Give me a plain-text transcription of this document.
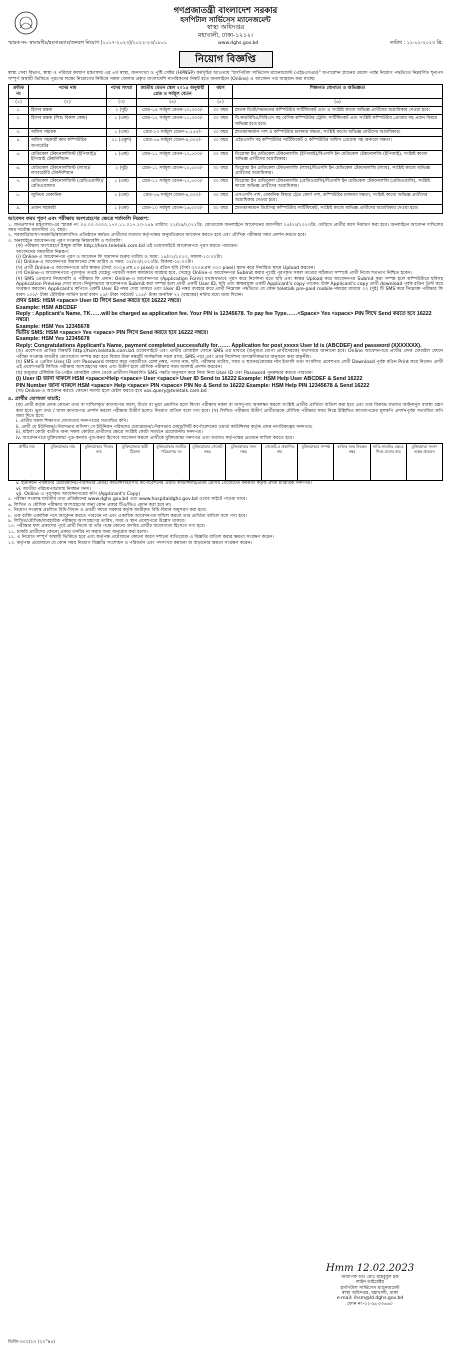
গণপ্রজাতন্ত্রী বাংলাদেশ সরকার
হসপিটাল সার্ভিসেস ম্যানেজমেন্ট
স্বাস্থ্য অধিদপ্তর
মহাখালী, ঢাকা-১২১২।
www.dghs.gov.bd
স্মারক নং- স্বাঃঅধিঃ/হঃসাঃম্যাঃ/জনবল নিয়োগ (২০১৭-২০২৩)/২০২২-২৩/১৮০১	তারিখ : ১২-০২-২০২৩ খ্রি.
নিয়োগ বিজ্ঞপ্তি
স্বাস্থ্য সেবা বিভাগ, স্বাস্থ্য ও পরিবার কল্যাণ মন্ত্রণালয় এর ৪র্থ স্বাস্থ্য, জনসংখ্যা ও পুষ্টি সেক্টর (HPNSP) কর্মসূচির আওতায় "হসপিটাল সার্ভিসেস ম্যানেজমেন্ট (এইচএসএম)" অপারেশন প্ল্যানের মেয়াদ পর্যন্ত নিয়োগ পদ্ধতিতে নিম্নবর্ণিত শূন্যপদ সম্পূর্ণ অস্থায়ী ভিত্তিতে পূরণের লক্ষ্যে নিয়োগের নিমিত্তে সকল জেলার প্রকৃত বাংলাদেশি নাগরিকদের নিকট হতে অনলাইনে (Online) এ আবেদন পত্র আহবান করা যাচ্ছে:
ক্রমিক নং	পদের নাম	পদের সংখ্যা	জাতীয় বেতন স্কেল ২০১৫ অনুযায়ী গ্রেড ও সর্বমূল বেতন	বয়স	শিক্ষাগত যোগ্যতা ও অভিজ্ঞতা
(১)	(২)	(৩)	(৪)	(৫)	(৬)
১.	হিসাব রক্ষক	২ (দুই)	গ্রেড-১৪ সর্বমূল বেতন-১০,৩০০/-	৩০ বছর	স্নাতক ডিগ্রী/সমমানের কম্পিউটার সার্টিফিকেট এবং এ সংশ্লিষ্ট কাজে অভিজ্ঞ প্রার্থীদের অগ্রাধিকার দেওয়া হবে।
২.	হিসাব রক্ষক (শিশু বিকাশ কেন্দ্র)	১ (এক)	গ্রেড-১২ সর্বমূল বেতন-১১,৩০০/-	৩০ বছর	বি.কম/বিবিএ/বিবিএস সহ বেসিক কম্পিউটার ট্রেনিং সার্টিফিকেট এবং সংশ্লিষ্ট কম্পিউটার প্রোগ্রাম সহ প্রধান বিষয়ে অভিজ্ঞ হতে হবে।
৩.	অফিস সহায়ক	১ (এক)	গ্রেড-২০ সর্বমূল বেতন-৮,২৫০/-	৩০ বছর	স্নাতক/সমমান পাশ ও কম্পিউটার চালনায় দক্ষতা, সংশ্লিষ্ট কাজে অভিজ্ঞ প্রার্থীদের অগ্রাধিকার।
৪.	অফিস সহকারী কাম কম্পিউটার অপারেটর	২১ (একুশ)	গ্রেড-১৬ সর্বমূল বেতন-৯,৩০০/-	৩০ বছর	এইচএসসি সহ কম্পিউটার সার্টিফিকেট ও কম্পিউটার অফিস প্রোগ্রাম সহ অনারো দক্ষতা।
৫.	মেডিকেল টেকনোলজিস্ট (ইপিআই)/ইপিআই টেকনিশিয়ান	১ (এক)	গ্রেড-১১ সর্বমূল বেতন-১২,৫০০/-	৩০ বছর	ডিপ্লোমা ইন মেডিকেল টেকনোলজি (ইপিআই)/বিএসসি ইন মেডিকেল টেকনোলজি (ইপিআই), সংশ্লিষ্ট কাজে অভিজ্ঞ প্রার্থীদের অগ্রাধিকার।
৬.	মেডিকেল টেকনোলজিস্ট (ল্যাব)/ল্যাবরেটরি টেকনিশিয়ান	২ (দুই)	গ্রেড-১১ সর্বমূল বেতন-১২,৫০০/-	৩০ বছর	ডিপ্লোমা ইন মেডিকেল টেকনোলজি (ল্যাব)/বিএসসি ইন মেডিকেল টেকনোলজি (ল্যাব), সংশ্লিষ্ট কাজে অভিজ্ঞ প্রার্থীদের অগ্রাধিকার।
৭.	মেডিকেল টেকনোলজিস্ট (রেডিওগ্রাফি)/রেডিওগ্রাফার	১ (এক)	গ্রেড-১১ সর্বমূল বেতন-১২,৫০০/-	৩০ বছর	ডিপ্লোমা ইন মেডিকেল টেকনোলজি (রেডিওগ্রাফি)/বিএসসি ইন মেডিকেল টেকনোলজি (রেডিওগ্রাফি), সংশ্লিষ্ট কাজে অভিজ্ঞ প্রার্থীদের অগ্রাধিকার।
৮.	জুনিয়র মেকানিক	১ (এক)	গ্রেড-১৬ সর্বমূল বেতন-৯,৩০০/-	৩০ বছর	এসএসসি পাশ, মেকানিক বিষয়ে ট্রেড কোর্স পাশ, কম্পিউটার চালনায় দক্ষতা, সংশ্লিষ্ট কাজে অভিজ্ঞ প্রার্থীদের অগ্রাধিকার দেওয়া হবে।
৯.	প্রধান সহকারী	১ (এক)	গ্রেড-১০ সর্বমূল বেতন-১৬,০০০/-	৩০ বছর	স্নাতক/সমমান ডিগ্রীসহ কম্পিউটার সার্টিফিকেট, সংশ্লিষ্ট কাজে অভিজ্ঞ প্রার্থীদের অগ্রাধিকার দেওয়া হবে।
আবেদন ফরম পূরণ এবং পরীক্ষায় অংশগ্রহণের ক্ষেত্রে শর্তাবলি নিম্নরূপ:
১. জনপ্রশাসন মন্ত্রণালয়-এর স্মারক নং ০৫.০০.০০০০.১৭০.১১.০১৭.২০-১৪৯ তারিখ: ২২/০৯/২০২২খ্রি. মোতাবেক অনলাইনে আবেদনের বয়সসীমা ২৫/০৩/২০২৩খ্রি. তারিখে প্রার্থীর বয়স নির্ধারণ করা হবে। অনলাইনে আবেদন দাখিলের সময় সর্বোচ্চ বয়সসীমা ৩২ বছর।
২. সরকারি/আধা-সরকারি/স্বায়ত্তশাসিত প্রতিষ্ঠানে কর্মরত প্রার্থীদের যথাযথ কর্তৃপক্ষের অনুমতিক্রমে আবেদন করতে হবে এবং মৌখিক পরীক্ষার সময় প্রদর্শন করতে হবে।
৩. অনলাইনে আবেদনপত্র পূরণ সংক্রান্ত নিয়মাবলি ও শর্তাবলি:
(ক) পরীক্ষায় অংশগ্রহণে ইচ্ছুক ব্যক্তি http://hsm.teletalk.com.bd এই ওয়েবসাইটে আবেদনপত্র পূরণ করতে পারবেন।
আবেদনের সময়সীমা নিম্নরূপ:
(i) Online-এ আবেদনপত্র পূরণ ও আবেদন ফি জমাদান শুরুর তারিখ ও সময়: ১৪/০২/২০২৩, সকাল-১০:০০টা।
(ii) Online-এ আবেদনপত্র জমাদানের শেষ তারিখ ও সময়: ০৫/০৩/২০২৩খ্রি. বিকাল-০৫:০০টা।
(খ) প্রার্থী Online-এ আবেদনপত্রে তাঁর স্বাক্ষর (দৈর্ঘ্য ৩০০×প্রস্থ ৮০ pixel) ও রঙিন ছবি (দৈর্ঘ্য ৩০০×প্রস্থ ৩০০ pixel) স্ক্যান করে নির্ধারিত স্থানে Upload করবেন।
(গ) Online-এ আবেদনপত্রে পূরণকৃত তথ্যই যেহেতু পরবর্তী সকল কার্যক্রমে ব্যবহার হবে, সেহেতু Online-এ আবেদনপত্র Submit করার পূর্বেই পূরণকৃত সকল তথ্যের সঠিকতা সম্পর্কে প্রার্থী নিজে শতভাগ নিশ্চিত হবেন।
(ঘ) SMS প্রেরণের নিয়মাবলি ও পরীক্ষার ফি প্রদান: Online-এ আবেদনপত্র (Application Form) যথাযথভাবে পূরণ করে নির্দেশনা মতে ছবি এবং স্বাক্ষর Upload করে আবেদনপত্র Submit করা সম্পন্ন হলে কম্পিউটারে ছবিসহ Application Preview দেখা যাবে। নির্ভুলভাবে আবেদনপত্র Submit করা সম্পন্ন হলে প্রার্থী একটি User ID, ছবি এবং স্বাক্ষরযুক্ত একটি Applicant's copy পাবেন। উক্ত Applicant's copy প্রার্থী download পূর্বক রঙিন প্রিন্ট করে সংরক্ষণ করবেন। Applicant's কপিতে একটি User ID নম্বর দেয়া থাকবে এবং User ID নম্বর ব্যবহার করে প্রার্থী নিম্নোক্ত পদ্ধতিতে যে কোন teletalk pre-paid mobile নম্বরের মাধ্যমে ০২ (দুই) টি SMS করে নিম্নোক্ত পরীক্ষার ফি বাবদ ১০০/- টাকা টেলিটক সার্ভিস চার্জ বাবদ ১৫/- টাকা সর্বমোট ১১৫/- টাকা অনধিক ৭২ (বাহাত্তর) ঘন্টার মধ্যে জমা দিবেন।
প্রথম SMS: HSM <space> User ID লিখে Send করতে হবে 16222 নম্বরে।
Example: HSM ABCDEF
Reply : Applicant's Name, TK……will be charged as application fee. Your PIN is 12345678. To pay fee Type……<Space> Yes <space> PIN লিখে Send করতে হবে 16222 নম্বরে।
Example: HSM Yes 12345678
দ্বিতীয় SMS: HSM <space> Yes <space> PIN লিখে Send করতে হবে 16222 নম্বরে।
Example: HSM Yes 12345678
Reply: Congratulations Applicant's Name, payment completed successfully for……. Application for post xxxxx User Id is (ABCDEF) and password (XXXXXXX).
(ঙ) প্রবেশপত্র প্রাপ্তির বিষয়টি http://hsm.teletalk.com.bd ওয়েবসাইটে এবং প্রার্থীর মোবাইল ফোনে SMS এর মাধ্যমে (শুধুমাত্র যোগ্য প্রার্থীদেরকে) যথাসময়ে জানানো হবে। Online আবেদনপত্রে প্রার্থীর প্রদত্ত মোবাইল ফোনে পরীক্ষা সংক্রান্ত যাবতীয় যোগাযোগ সম্পন্ন করা হবে বিধায় উক্ত নম্বরটি সার্বক্ষণিক সচল রাখা, SMS পড়া এবং প্রাপ্ত নির্দেশনা তাৎক্ষণিকভাবে অনুসরণ করা বাঞ্ছনীয়।
(চ) SMS এ প্রেরিত User ID এবং Password ব্যবহার করে পরবর্তীতে রোল নম্বর, পদের নাম, ছবি, পরীক্ষার তারিখ, সময় ও স্থানের/কেন্দ্রের নাম ইত্যাদি তথ্য সংবলিত প্রবেশপত্র প্রার্থী Download পূর্বক রঙিন Print করে নিবেন। প্রার্থী এই প্রবেশপত্রটি লিখিত পরীক্ষায় অংশগ্রহণের সময় এবং উত্তীর্ণ হলে মৌখিক পরীক্ষার সময় অবশ্যই প্রদর্শন করবেন।
(ছ) শুধুমাত্র টেলিটক প্রি-পেইড মোবাইল ফোন থেকে প্রার্থীগণ নিম্নবর্ণিত SMS পদ্ধতি অনুসরণ করে নিজ নিজ User ID এবং Password পুনরুদ্ধার করতে পারবেন:
(i) User ID জানা থাকলে HSM <space>Help <space> User <space> User ID Send to 16222 Example: HSM Help User ABCDEF & Send 16222
PIN Number জানা থাকলে HSM <space> Help <space> PIN <space> PIN No & Send to 16222 Example: HSM Help PIN 12345678 & Send 16222
(জ) Online-এ আবেদন করতে কোনো সমস্যা হলে মেইল করতে হবে vas.query@teletalk.com.bd
৪. প্রার্থীর যোগ্যতা যাচাই:
(ক) প্রার্থী কর্তৃক প্রদত্ত কোনো তথ্য বা দাখিলকৃত কাগজপত্র জাল, মিথ্যা বা ভুয়া প্রমাণিত হলে কিংবা পরীক্ষায় নকল বা অসদুপায় অবলম্বন করলে সংশ্লিষ্ট প্রার্থীর প্রার্থিতা বাতিল করা হবে এবং তার বিরুদ্ধে যথাযথ আইনানুগ ব্যবস্থা গ্রহণ করা হবে। ভুল তথ্য / জাল কাগজপত্র প্রদর্শন করলে পরীক্ষায় উত্তীর্ণ হলেও নিয়োগ বাতিল বলে গণ্য হবে। (খ) লিখিত পরীক্ষায় উত্তীর্ণ প্রার্থীদেরকে মৌখিক পরীক্ষার সময় নিম্নে উল্লিখিত কাগজপত্রের মূলকপি প্রদর্শনপূর্বক সত্যায়িত কপি জমা দিতে হবে:
i. প্রার্থীর সকল শিক্ষাগত যোগ্যতার সনদপত্রের সত্যায়িত কপি।
ii. প্রার্থী যে ইউনিয়ন/পৌরসভার বাসিন্দা সে ইউনিয়ন পরিষদের চেয়ারম্যান/পৌরসভার মেয়র/সিটি কর্পোরেশনের ওয়ার্ড কাউন্সিলর কর্তৃক প্রদত্ত নাগরিকত্বের সনদপত্র।
iii. মহিলা কোটা ব্যতীত অন্য সকল কোটার প্রার্থীদের ক্ষেত্রে সংশ্লিষ্ট কোটা সমর্থনে প্রয়োজনীয় সনদপত্র।
iv. আবেদনপত্রে মুক্তিযোদ্ধা পুত্র-কন্যার পুত্র-কন্যা হিসেবে আবেদন করলে প্রার্থীকে মুক্তিযোদ্ধা সনদপত্র এবং যথাযথ কর্তৃপক্ষের প্রত্যয়ন দাখিল করতে হবে।
প্রার্থীর নাম	মুক্তিযোদ্ধার নাম	মুক্তিযোদ্ধার পিতার নাম	মুক্তিযোদ্ধার স্থায়ী ঠিকানা	মুক্তিযোদ্ধার জাতীয় পরিচয়পত্র নং	মুক্তিযোদ্ধার গেজেট নম্বর	মুক্তিযোদ্ধার সনদ নম্বর	গেজেট-এ প্রকাশিত নাম	মুক্তিযোদ্ধার সম্পর্ক	ব্যক্তির জন্ম নিবন্ধন নম্বর	নাতি-নাতনির ক্ষেত্রে পিতা-মাতার নাম	মুক্তিযোদ্ধা সংসদ কর্তৃক প্রত্যয়ন
v. ইউনিয়ন পরিষদের চেয়ারম্যান/পৌরসভার মেয়র/ কাউন্সিলর/সিটি কর্পোরেশনের ওয়ার্ড কাউন্সিলর/প্রথম শ্রেণির গেজেটেড কর্মকর্তা কর্তৃক প্রদত্ত চারিত্রিক সনদপত্র।
vi. জাতীয় পরিচয়পত্র/জন্ম নিবন্ধন সনদ।
vii. Online এ পূরণকৃত আবেদনপত্রের কপি (Applicant's Copy)
৫. পরীক্ষা সংক্রান্ত যাবতীয় তথ্য প্রতিষ্ঠানের www.dghs.gov.bd এবং www.hospitaldghs.gov.bd ওয়েব সাইটে পাওয়া যাবে।
৬. লিখিত ও মৌখিক পরীক্ষায় অংশগ্রহণের জন্য কোন প্রকার টিএ/ডিএ প্রদান করা হবে না।
৭. নিয়োগ সংক্রান্ত প্রচলিত বিধি-বিধান ও প্রবর্তী সময়ে সরকার কর্তৃক জারীকৃত বিধি-বিধান অনুসরণ করা হবে।
৮. এক ব্যক্তি একাধিক পদে আবেদন করতে পারবেন না এবং একাধিক আবেদনপত্র দাখিল করলে তার প্রার্থিতা বাতিল বলে গণ্য হবে।
৯. লিখিত/মৌখিক/ব্যবহারিক পরীক্ষায় অংশগ্রহণের তারিখ, সময় ও স্থান প্রবেশপত্রে উল্লেখ থাকবে।
১০. পরীক্ষার ফল প্রকাশের পূর্বে প্রার্থী নিজে বা তাঁর পক্ষে কোনো তদবির প্রার্থীর অযোগ্যতা হিসেবে গণ্য হবে।
১১. চাকরি প্রার্থীদের কোনো প্রকার তদবির না করার জন্য অনুরোধ করা হলো।
১২. এ নিয়োগ সম্পূর্ণ অস্থায়ী ভিত্তিতে হবে এবং কর্তৃপক্ষ প্রয়োজনে কোনো কারণ দর্শানো ব্যতিরেকে এ বিজ্ঞপ্তি বাতিল করার ক্ষমতা সংরক্ষণ করেন।
১৩. কর্তৃপক্ষ প্রয়োজনে যে কোন সময় নিয়োগ বিজ্ঞপ্তি সংশোধন ও পরিবর্তন এবং পদসংখ্যা কমানো বা বাড়ানোর ক্ষমতা সংরক্ষণ করেন।
Hmm 12.02.2023
অধ্যাপক ডাঃ মোঃ মাহবুবুল হক
লাইন ডাইরেক্টর
হসপিটাল সার্ভিসেস ম্যানেজমেন্ট
স্বাস্থ্য অধিদপ্তর, মহাখালী, ঢাকা
e-mail: ihsm@ld.dghs.gov.bd
ফোন নং-০২-৯৮৩৩৬৬০
ডিজি-৩০০/২৩ (২০"x৪)
